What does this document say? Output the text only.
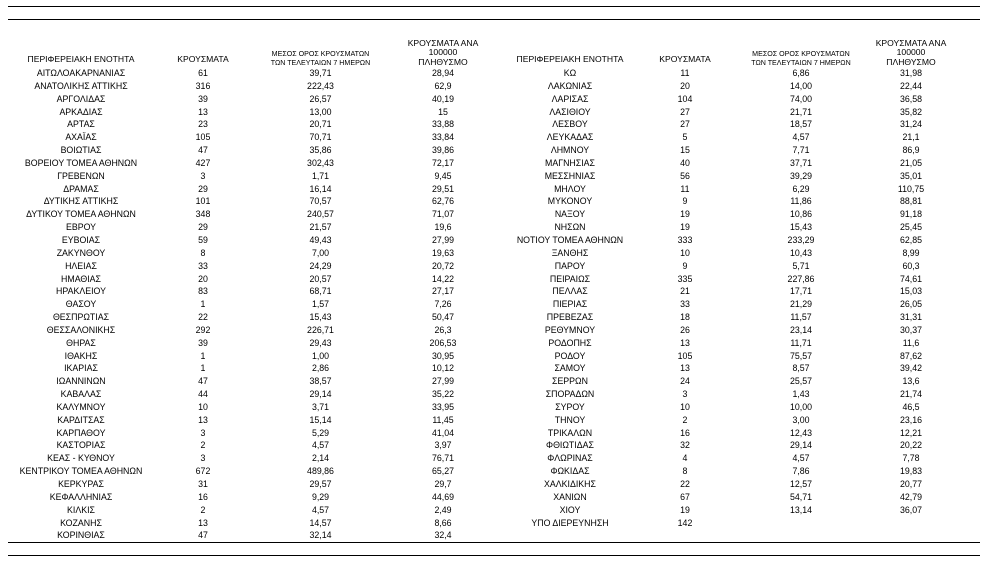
ΠΕΡΙΦΕΡΕΙΑΚΗ ΕΝΟΤΗΤΑ	ΚΡΟΥΣΜΑΤΑ	ΜΕΣΟΣ ΟΡΟΣ ΚΡΟΥΣΜΑΤΩΝ
ΤΩΝ ΤΕΛΕΥΤΑΙΩΝ 7 ΗΜΕΡΩΝ
ΚΡΟΥΣΜΑΤΑ ΑΝΑ 100000
ΠΛΗΘΥΣΜΟ
ΑΙΤΩΛΟΑΚΑΡΝΑΝΙΑΣ	61	39,71	28,94
ΑΝΑΤΟΛΙΚΗΣ ΑΤΤΙΚΗΣ	316	222,43	62,9
ΑΡΓΟΛΙΔΑΣ	39	26,57	40,19
ΑΡΚΑΔΙΑΣ	13	13,00	15
ΑΡΤΑΣ	23	20,71	33,88
ΑΧΑΪΑΣ	105	70,71	33,84
ΒΟΙΩΤΙΑΣ	47	35,86	39,86
ΒΟΡΕΙΟΥ ΤΟΜΕΑ ΑΘΗΝΩΝ	427	302,43	72,17
ΓΡΕΒΕΝΩΝ	3	1,71	9,45
ΔΡΑΜΑΣ	29	16,14	29,51
ΔΥΤΙΚΗΣ ΑΤΤΙΚΗΣ	101	70,57	62,76
ΔΥΤΙΚΟΥ ΤΟΜΕΑ ΑΘΗΝΩΝ	348	240,57	71,07
ΕΒΡΟΥ	29	21,57	19,6
ΕΥΒΟΙΑΣ	59	49,43	27,99
ΖΑΚΥΝΘΟΥ	8	7,00	19,63
ΗΛΕΙΑΣ	33	24,29	20,72
ΗΜΑΘΙΑΣ	20	20,57	14,22
ΗΡΑΚΛΕΙΟΥ	83	68,71	27,17
ΘΑΣΟΥ	1	1,57	7,26
ΘΕΣΠΡΩΤΙΑΣ	22	15,43	50,47
ΘΕΣΣΑΛΟΝΙΚΗΣ	292	226,71	26,3
ΘΗΡΑΣ	39	29,43	206,53
ΙΘΑΚΗΣ	1	1,00	30,95
ΙΚΑΡΙΑΣ	1	2,86	10,12
ΙΩΑΝΝΙΝΩΝ	47	38,57	27,99
ΚΑΒΑΛΑΣ	44	29,14	35,22
ΚΑΛΥΜΝΟΥ	10	3,71	33,95
ΚΑΡΔΙΤΣΑΣ	13	15,14	11,45
ΚΑΡΠΑΘΟΥ	3	5,29	41,04
ΚΑΣΤΟΡΙΑΣ	2	4,57	3,97
ΚΕΑΣ - ΚΥΘΝΟΥ	3	2,14	76,71
ΚΕΝΤΡΙΚΟΥ ΤΟΜΕΑ ΑΘΗΝΩΝ	672	489,86	65,27
ΚΕΡΚΥΡΑΣ	31	29,57	29,7
ΚΕΦΑΛΛΗΝΙΑΣ	16	9,29	44,69
ΚΙΛΚΙΣ	2	4,57	2,49
ΚΟΖΑΝΗΣ	13	14,57	8,66
ΚΟΡΙΝΘΙΑΣ	47	32,14	32,4
ΠΕΡΙΦΕΡΕΙΑΚΗ ΕΝΟΤΗΤΑ	ΚΡΟΥΣΜΑΤΑ	ΜΕΣΟΣ ΟΡΟΣ ΚΡΟΥΣΜΑΤΩΝ
ΤΩΝ ΤΕΛΕΥΤΑΙΩΝ 7 ΗΜΕΡΩΝ
ΚΡΟΥΣΜΑΤΑ ΑΝΑ 100000
ΠΛΗΘΥΣΜΟ
ΚΩ	11	6,86	31,98
ΛΑΚΩΝΙΑΣ	20	14,00	22,44
ΛΑΡΙΣΑΣ	104	74,00	36,58
ΛΑΣΙΘΙΟΥ	27	21,71	35,82
ΛΕΣΒΟΥ	27	18,57	31,24
ΛΕΥΚΑΔΑΣ	5	4,57	21,1
ΛΗΜΝΟΥ	15	7,71	86,9
ΜΑΓΝΗΣΙΑΣ	40	37,71	21,05
ΜΕΣΣΗΝΙΑΣ	56	39,29	35,01
ΜΗΛΟΥ	11	6,29	110,75
ΜΥΚΟΝΟΥ	9	11,86	88,81
ΝΑΞΟΥ	19	10,86	91,18
ΝΗΣΩΝ	19	15,43	25,45
ΝΟΤΙΟΥ ΤΟΜΕΑ ΑΘΗΝΩΝ	333	233,29	62,85
ΞΑΝΘΗΣ	10	10,43	8,99
ΠΑΡΟΥ	9	5,71	60,3
ΠΕΙΡΑΙΩΣ	335	227,86	74,61
ΠΕΛΛΑΣ	21	17,71	15,03
ΠΙΕΡΙΑΣ	33	21,29	26,05
ΠΡΕΒΕΖΑΣ	18	11,57	31,31
ΡΕΘΥΜΝΟΥ	26	23,14	30,37
ΡΟΔΟΠΗΣ	13	11,71	11,6
ΡΟΔΟΥ	105	75,57	87,62
ΣΑΜΟΥ	13	8,57	39,42
ΣΕΡΡΩΝ	24	25,57	13,6
ΣΠΟΡΑΔΩΝ	3	1,43	21,74
ΣΥΡΟΥ	10	10,00	46,5
ΤΗΝΟΥ	2	3,00	23,16
ΤΡΙΚΑΛΩΝ	16	12,43	12,21
ΦΘΙΩΤΙΔΑΣ	32	29,14	20,22
ΦΛΩΡΙΝΑΣ	4	4,57	7,78
ΦΩΚΙΔΑΣ	8	7,86	19,83
ΧΑΛΚΙΔΙΚΗΣ	22	12,57	20,77
ΧΑΝΙΩΝ	67	54,71	42,79
ΧΙΟΥ	19	13,14	36,07
ΥΠΟ ΔΙΕΡΕΥΝΗΣΗ	142
